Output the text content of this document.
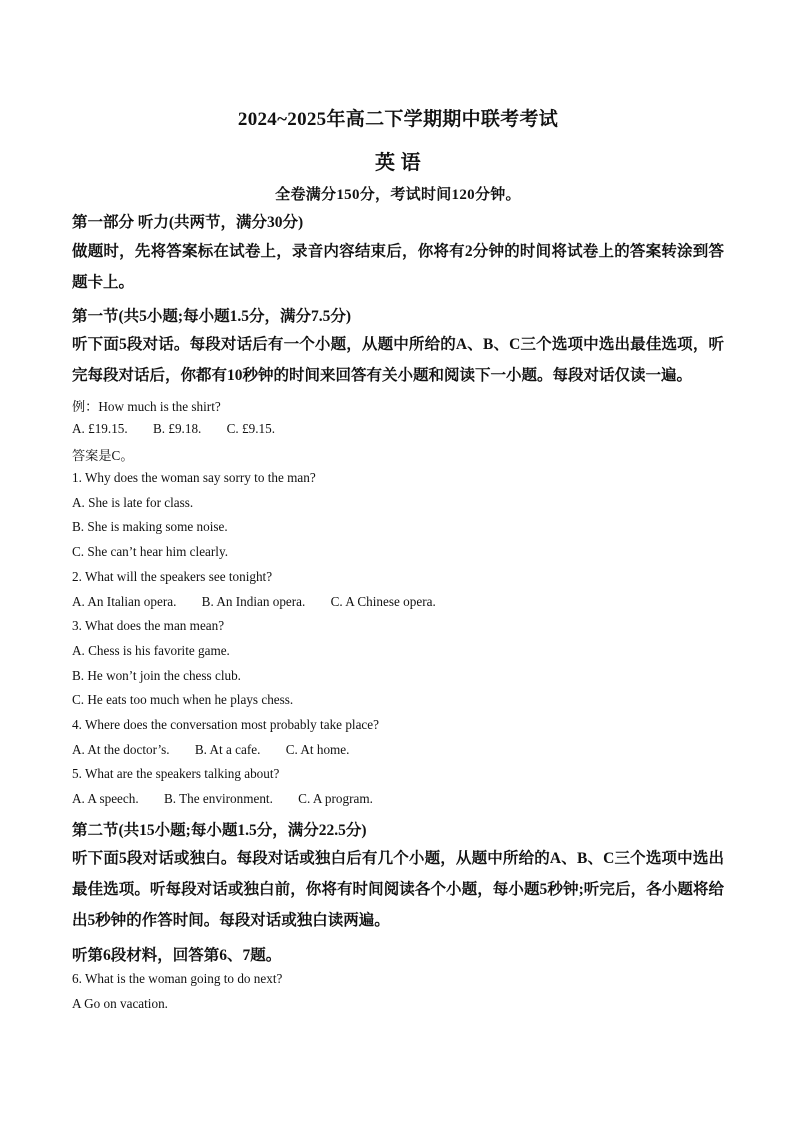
2024~2025年高二下学期期中联考考试
英 语
全卷满分150分，考试时间120分钟。
第一部分 听力(共两节，满分30分)
做题时，先将答案标在试卷上，录音内容结束后，你将有2分钟的时间将试卷上的答案转涂到答题卡上。
第一节(共5小题;每小题1.5分，满分7.5分)
听下面5段对话。每段对话后有一个小题，从题中所给的A、B、C三个选项中选出最佳选项，听完每段对话后，你都有10秒钟的时间来回答有关小题和阅读下一小题。每段对话仅读一遍。
例：How much is the shirt?
A. £19.15. B. £9.18. C. £9.15.
答案是C。
1. Why does the woman say sorry to the man?
A. She is late for class.
B. She is making some noise.
C. She can’t hear him clearly.
2. What will the speakers see tonight?
A. An Italian opera. B. An Indian opera. C. A Chinese opera.
3. What does the man mean?
A. Chess is his favorite game.
B. He won’t join the chess club.
C. He eats too much when he plays chess.
4. Where does the conversation most probably take place?
A. At the doctor’s. B. At a cafe. C. At home.
5. What are the speakers talking about?
A. A speech. B. The environment. C. A program.
第二节(共15小题;每小题1.5分，满分22.5分)
听下面5段对话或独白。每段对话或独白后有几个小题，从题中所给的A、B、C三个选项中选出最佳选项。听每段对话或独白前，你将有时间阅读各个小题，每小题5秒钟;听完后，各小题将给出5秒钟的作答时间。每段对话或独白读两遍。
听第6段材料，回答第6、7题。
6. What is the woman going to do next?
A Go on vacation.
